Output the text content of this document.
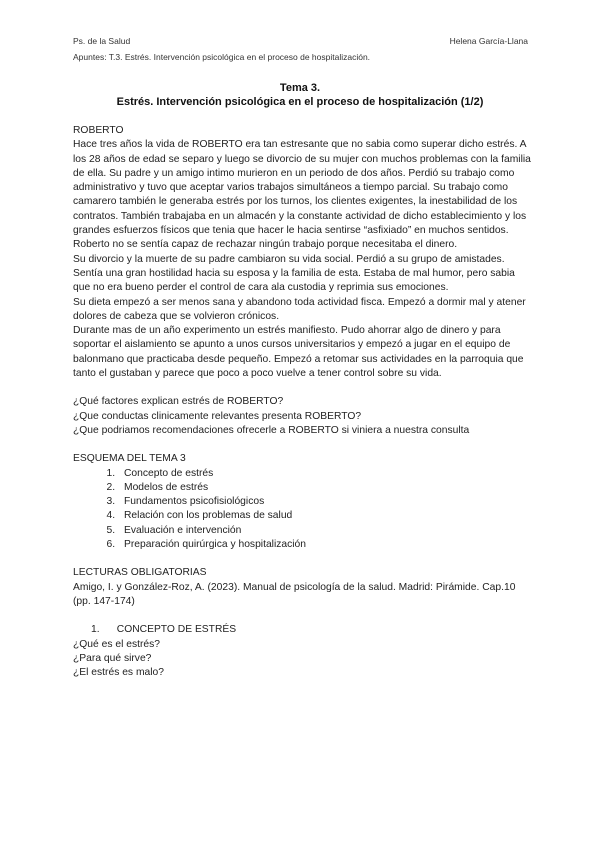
Ps. de la Salud	Helena García-Llana
Apuntes: T.3. Estrés. Intervención psicológica en el proceso de hospitalización.
Tema 3.
Estrés. Intervención psicológica en el proceso de hospitalización (1/2)

ROBERTO

Hace tres años la vida de ROBERTO era tan estresante que no sabia como superar dicho estrés. A los 28 años de edad se separo y luego se divorcio de su mujer con muchos problemas con la familia de ella. Su padre y un amigo intimo murieron en un periodo de dos años. Perdió su trabajo como administrativo y tuvo que aceptar varios trabajos simultáneos a tiempo parcial. Su trabajo como camarero también le generaba estrés por los turnos, los clientes exigentes, la inestabilidad de los contratos. También trabajaba en un almacén y la constante actividad de dicho establecimiento y los grandes esfuerzos físicos que tenia que hacer le hacia sentirse “asfixiado” en muchos sentidos. Roberto no se sentía capaz de rechazar ningún trabajo porque necesitaba el dinero.

Su divorcio y la muerte de su padre cambiaron su vida social. Perdió a su grupo de amistades. Sentía una gran hostilidad hacia su esposa y la familia de esta. Estaba de mal humor, pero sabia que no era bueno perder el control de cara ala custodia y reprimia sus emociones.

Su dieta empezó a ser menos sana y abandono toda actividad fisca. Empezó a dormir mal y atener dolores de cabeza que se volvieron crónicos.

Durante mas de un año experimento un estrés manifiesto. Pudo ahorrar algo de dinero y para soportar el aislamiento se apunto a unos cursos universitarios y empezó a jugar en el equipo de balonmano que practicaba desde pequeño. Empezó a retomar sus actividades en la parroquia que tanto el gustaban y parece que poco a poco vuelve a tener control sobre su vida.

¿Qué factores explican estrés de ROBERTO?

¿Que conductas clinicamente relevantes presenta ROBERTO?

¿Que podriamos recomendaciones ofrecerle a ROBERTO si viniera a nuestra consulta

ESQUEMA DEL TEMA 3

1. Concepto de estrés
2. Modelos de estrés
3. Fundamentos psicofisiológicos
4. Relación con los problemas de salud
5. Evaluación e intervención
6. Preparación quirúrgica y hospitalización

LECTURAS OBLIGATORIAS

Amigo, I. y González-Roz, A. (2023). Manual de psicología de la salud. Madrid: Pirámide. Cap.10 (pp. 147-174)

1.      CONCEPTO DE ESTRÉS

¿Qué es el estrés?

¿Para qué sirve?

¿El estrés es malo?
